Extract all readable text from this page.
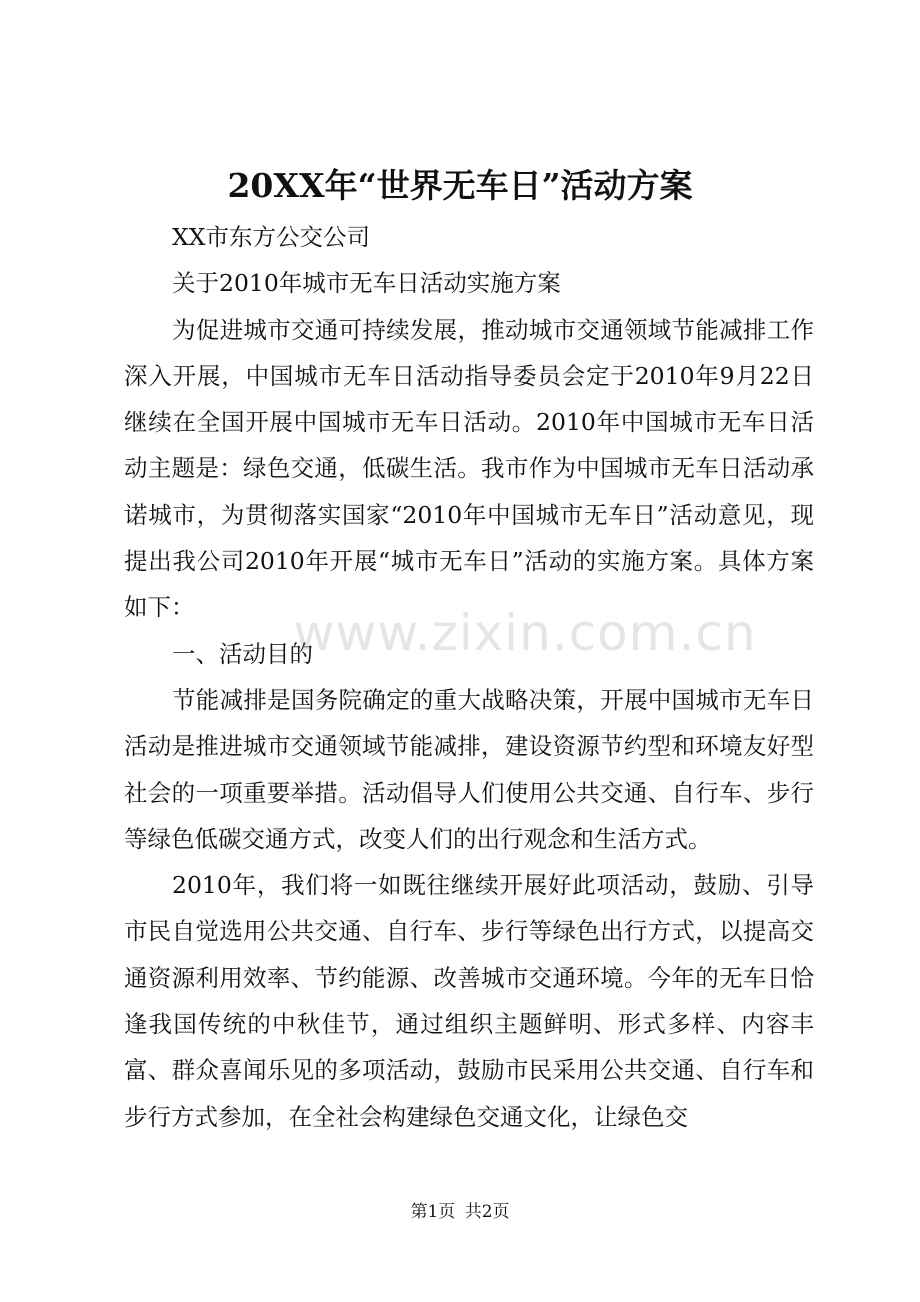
20XX年“世界无车日”活动方案

XX市东方公交公司

关于2010年城市无车日活动实施方案

为促进城市交通可持续发展，推动城市交通领域节能减排工作深入开展，中国城市无车日活动指导委员会定于2010年9月22日继续在全国开展中国城市无车日活动。2010年中国城市无车日活动主题是：绿色交通，低碳生活。我市作为中国城市无车日活动承诺城市，为贯彻落实国家“2010年中国城市无车日”活动意见，现提出我公司2010年开展“城市无车日”活动的实施方案。具体方案如下：

一、活动目的

节能减排是国务院确定的重大战略决策，开展中国城市无车日活动是推进城市交通领域节能减排，建设资源节约型和环境友好型社会的一项重要举措。活动倡导人们使用公共交通、自行车、步行等绿色低碳交通方式，改变人们的出行观念和生活方式。

2010年，我们将一如既往继续开展好此项活动，鼓励、引导市民自觉选用公共交通、自行车、步行等绿色出行方式，以提高交通资源利用效率、节约能源、改善城市交通环境。今年的无车日恰逢我国传统的中秋佳节，通过组织主题鲜明、形式多样、内容丰富、群众喜闻乐见的多项活动，鼓励市民采用公共交通、自行车和步行方式参加，在全社会构建绿色交通文化，让绿色交

www.zixin.com.cn
第1页 共2页
